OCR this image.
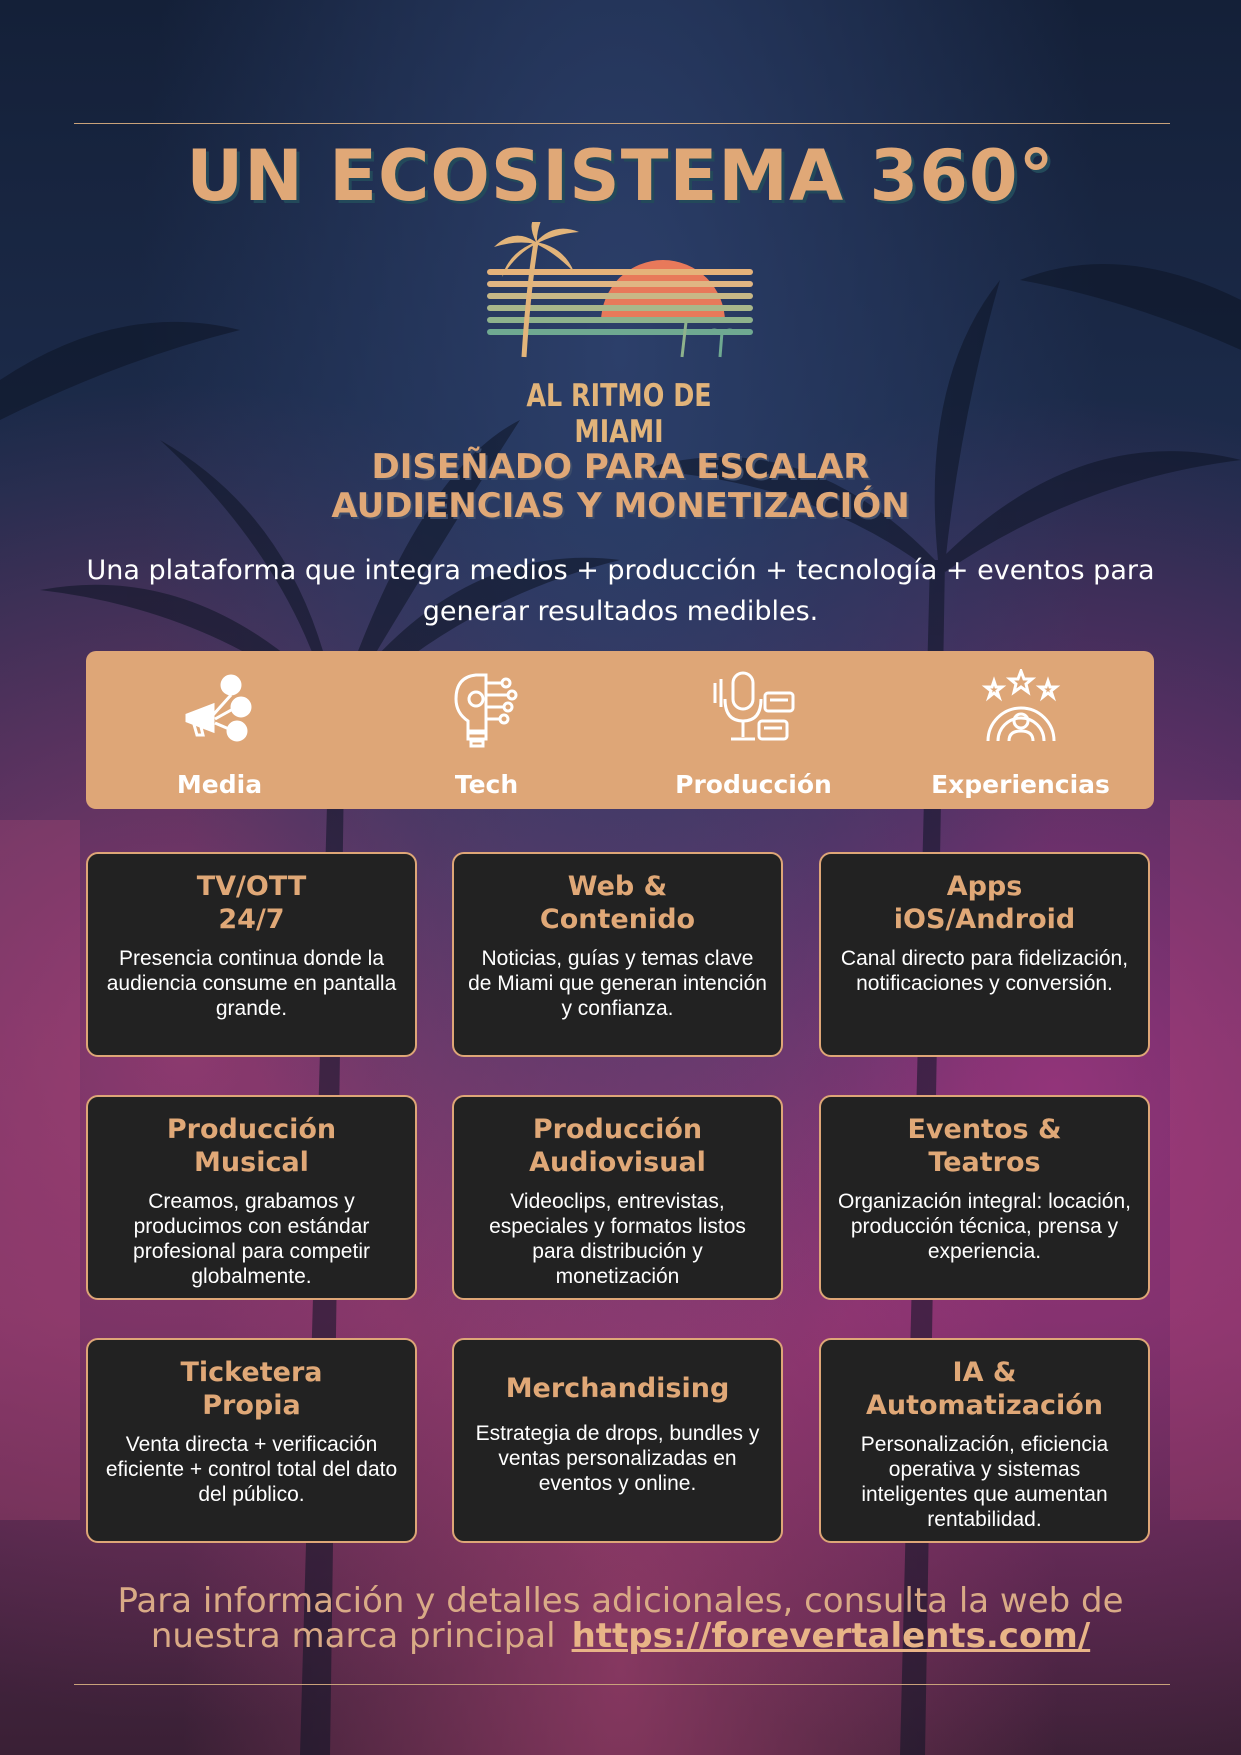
UN ECOSISTEMA 360°
AL RITMO DE MIAMI
DISEÑADO PARA ESCALAR
AUDIENCIAS Y MONETIZACIÓN
Una plataforma que integra medios + producción + tecnología + eventos para generar resultados medibles.
Media	Tech	Producción	Experiencias
TV/OTT
24/7
Presencia continua donde la audiencia consume en pantalla grande.
Web &
Contenido
Noticias, guías y temas clave de Miami que generan intención y confianza.
Apps
iOS/Android
Canal directo para fidelización, notificaciones y conversión.
Producción
Musical
Creamos, grabamos y producimos con estándar profesional para competir globalmente.
Producción
Audiovisual
Videoclips, entrevistas, especiales y formatos listos para distribución y monetización
Eventos &
Teatros
Organización integral: locación, producción técnica, prensa y experiencia.
Ticketera
Propia
Venta directa + verificación eficiente + control total del dato del público.
Merchandising
Estrategia de drops, bundles y ventas personalizadas en eventos y online.
IA &
Automatización
Personalización, eficiencia operativa y sistemas inteligentes que aumentan rentabilidad.
Para información y detalles adicionales, consulta la web de
nuestra marca principal https://forevertalents.com/
